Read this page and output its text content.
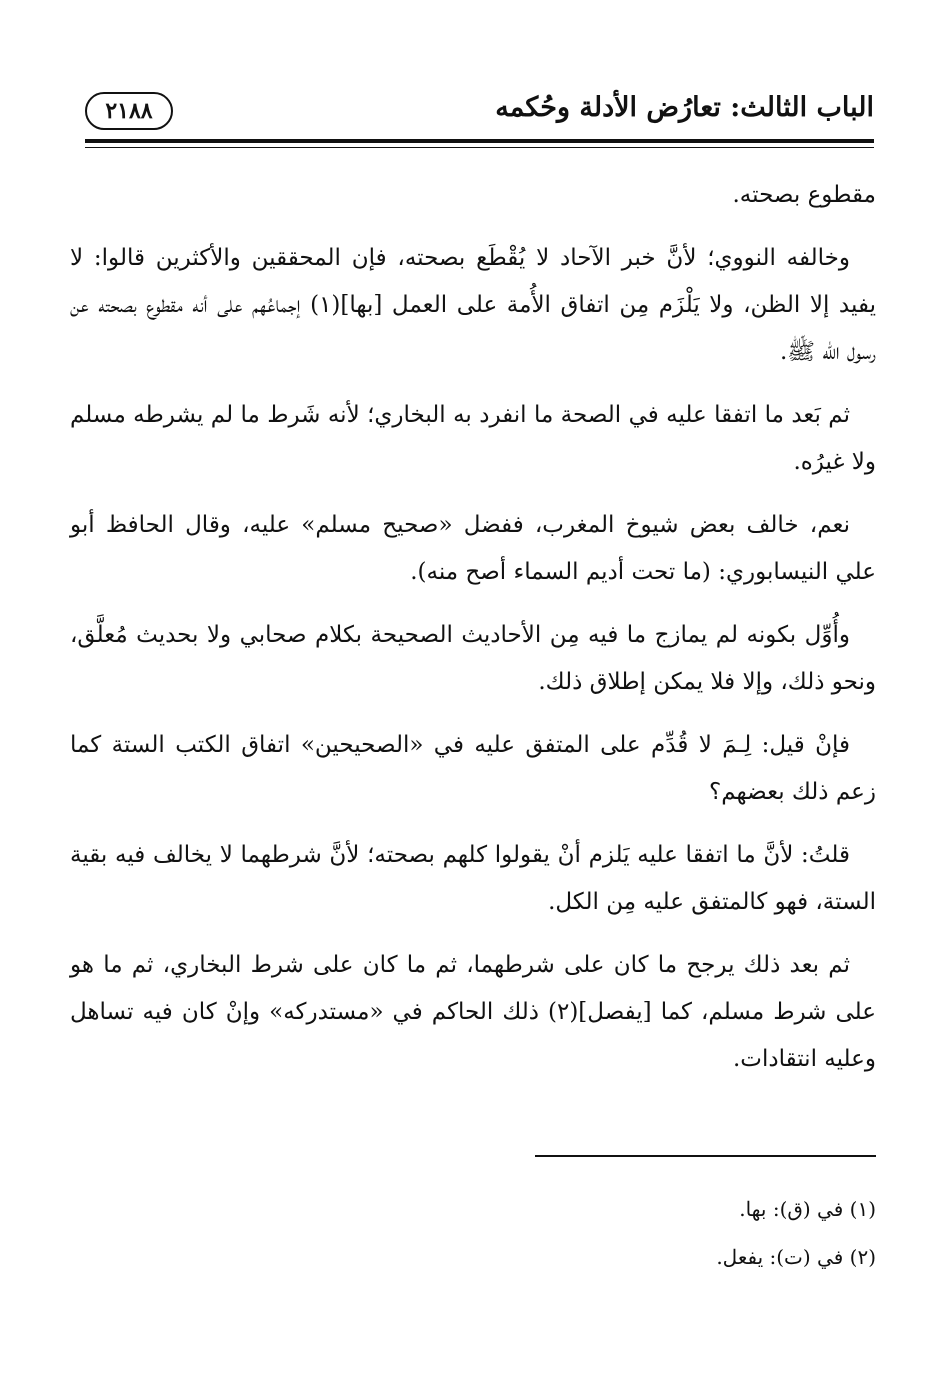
الباب الثالث: تعارُض الأدلة وحُكمه
٢١٨٨

مقطوع بصحته.

وخالفه النووي؛ لأنَّ خبر الآحاد لا يُقْطَع بصحته، فإن المحققين والأكثرين قالوا: لا يفيد إلا الظن، ولا يَلْزَم مِن اتفاق الأُمة على العمل [بها](١) إجماعُهم على أنه مقطوع بصحته عن رسول الله ﷺ.

ثم بَعد ما اتفقا عليه في الصحة ما انفرد به البخاري؛ لأنه شَرط ما لم يشرطه مسلم ولا غيرُه.

نعم، خالف بعض شيوخ المغرب، ففضل «صحيح مسلم» عليه، وقال الحافظ أبو علي النيسابوري: (ما تحت أديم السماء أصح منه).

وأُوِّل بكونه لم يمازج ما فيه مِن الأحاديث الصحيحة بكلام صحابي ولا بحديث مُعلَّق، ونحو ذلك، وإلا فلا يمكن إطلاق ذلك.

فإنْ قيل: لِـمَ لا قُدِّم على المتفق عليه في «الصحيحين» اتفاق الكتب الستة كما زعم ذلك بعضهم؟

قلتُ: لأنَّ ما اتفقا عليه يَلزم أنْ يقولوا كلهم بصحته؛ لأنَّ شرطهما لا يخالف فيه بقية الستة، فهو كالمتفق عليه مِن الكل.

ثم بعد ذلك يرجح ما كان على شرطهما، ثم ما كان على شرط البخاري، ثم ما هو على شرط مسلم، كما [يفصل](٢) ذلك الحاكم في «مستدركه» وإنْ كان فيه تساهل وعليه انتقادات.

(١) في (ق): بها.

(٢) في (ت): يفعل.
